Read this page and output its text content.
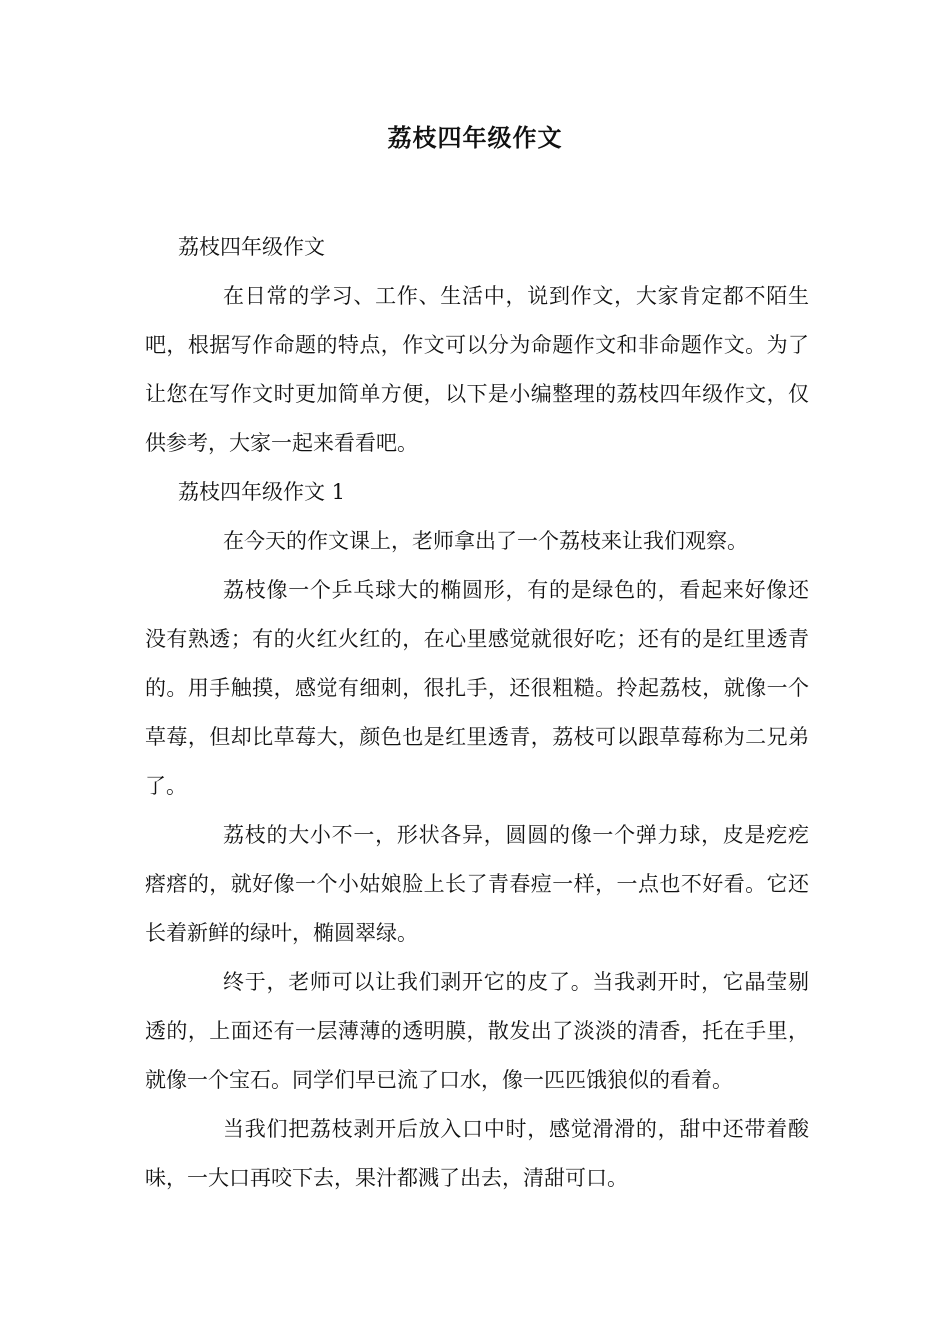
荔枝四年级作文

荔枝四年级作文

在日常的学习、工作、生活中，说到作文，大家肯定都不陌生吧，根据写作命题的特点，作文可以分为命题作文和非命题作文。为了让您在写作文时更加简单方便，以下是小编整理的荔枝四年级作文，仅供参考，大家一起来看看吧。

荔枝四年级作文 1

在今天的作文课上，老师拿出了一个荔枝来让我们观察。

荔枝像一个乒乓球大的椭圆形，有的是绿色的，看起来好像还没有熟透；有的火红火红的，在心里感觉就很好吃；还有的是红里透青的。用手触摸，感觉有细刺，很扎手，还很粗糙。拎起荔枝，就像一个草莓，但却比草莓大，颜色也是红里透青，荔枝可以跟草莓称为二兄弟了。

荔枝的大小不一，形状各异，圆圆的像一个弹力球，皮是疙疙瘩瘩的，就好像一个小姑娘脸上长了青春痘一样，一点也不好看。它还长着新鲜的绿叶，椭圆翠绿。

终于，老师可以让我们剥开它的皮了。当我剥开时，它晶莹剔透的，上面还有一层薄薄的透明膜，散发出了淡淡的清香，托在手里，就像一个宝石。同学们早已流了口水，像一匹匹饿狼似的看着。

当我们把荔枝剥开后放入口中时，感觉滑滑的，甜中还带着酸味，一大口再咬下去，果汁都溅了出去，清甜可口。
